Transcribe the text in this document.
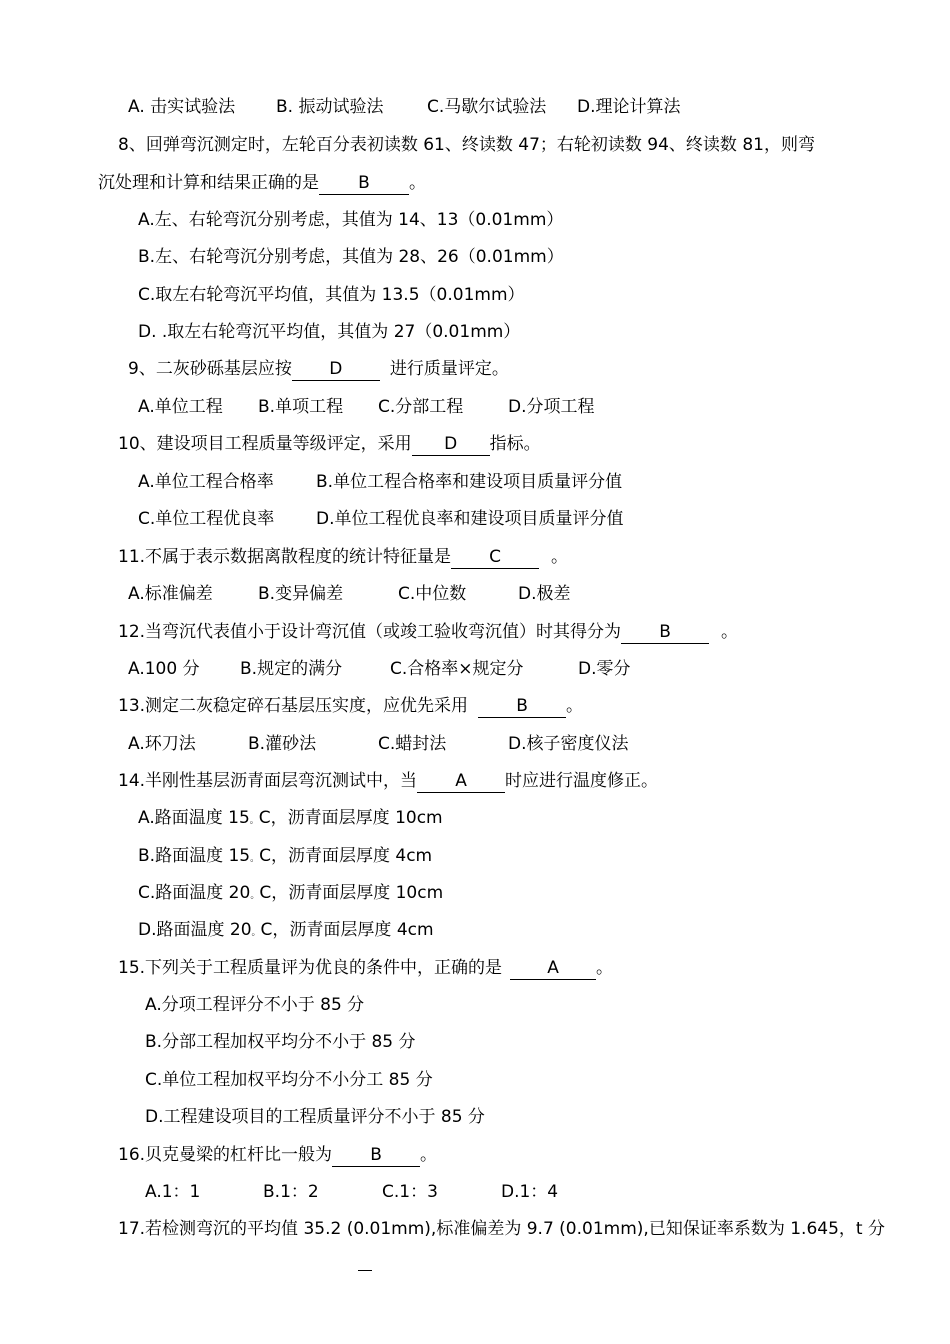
A. 击实试验法 B. 振动试验法	C.马歇尔试验法 D.理论计算法
8、回弹弯沉测定时，左轮百分表初读数 61、终读数 47；右轮初读数 94、终读数 81，则弯
沉处理和计算和结果正确的是 B 。
A.左、右轮弯沉分别考虑，其值为 14、13（0.01mm）
B.左、右轮弯沉分别考虑，其值为 28、26（0.01mm）
C.取左右轮弯沉平均值，其值为 13.5（0.01mm）
D. .取左右轮弯沉平均值，其值为 27（0.01mm）
9、二灰砂砾基层应按 D	进行质量评定。
A.单位工程 B.单项工程 C.分部工程	D.分项工程
10、建设项目工程质量等级评定，采用 D 指标。
A.单位工程合格率 B.单位工程合格率和建设项目质量评分值
C.单位工程优良率 D.单位工程优良率和建设项目质量评分值
11.不属于表示数据离散程度的统计特征量是 C	。
A.标准偏差	B.变异偏差	C.中位数	D.极差
12.当弯沉代表值小于设计弯沉值（或竣工验收弯沉值）时其得分为 B	。
A.100 分 B.规定的满分	C.合格率×规定分	D.零分
13.测定二灰稳定碎石基层压实度，应优先采用	B 。
A.环刀法	B.灌砂法	C.蜡封法	D.核子密度仪法
14.半刚性基层沥青面层弯沉测试中，当 A 时应进行温度修正。
A.路面温度 15。C，沥青面层厚度 10cm
B.路面温度 15。C，沥青面层厚度 4cm
C.路面温度 20。C，沥青面层厚度 10cm
D.路面温度 20。C，沥青面层厚度 4cm
15.下列关于工程质量评为优良的条件中，正确的是	A 。
A.分项工程评分不小于 85 分
B.分部工程加权平均分不小于 85 分
C.单位工程加权平均分不小分工 85 分
D.工程建设项目的工程质量评分不小于 85 分
16.贝克曼梁的杠杆比一般为 B 。
A.1：1	B.1：2	C.1：3	D.1：4
17.若检测弯沉的平均值 35.2 (0.01mm),标准偏差为 9.7 (0.01mm),已知保证率系数为 1.645，t 分
